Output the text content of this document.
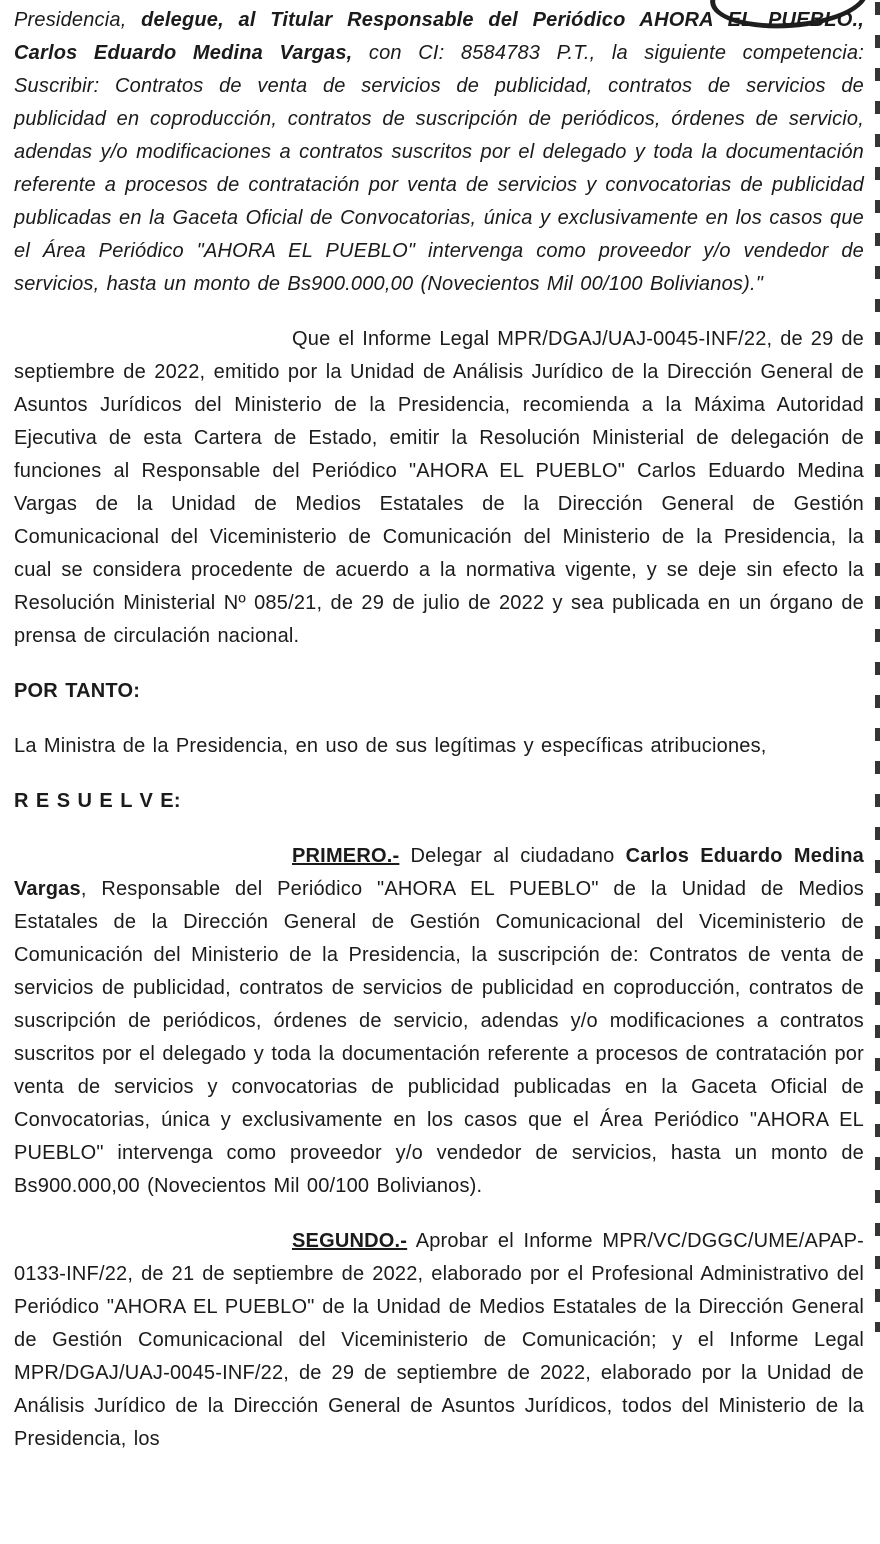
Presidencia, delegue, al Titular Responsable del Periódico AHORA EL PUEBLO., Carlos Eduardo Medina Vargas, con CI: 8584783 P.T., la siguiente competencia: Suscribir: Contratos de venta de servicios de publicidad, contratos de servicios de publicidad en coproducción, contratos de suscripción de periódicos, órdenes de servicio, adendas y/o modificaciones a contratos suscritos por el delegado y toda la documentación referente a procesos de contratación por venta de servicios y convocatorias de publicidad publicadas en la Gaceta Oficial de Convocatorias, única y exclusivamente en los casos que el Área Periódico "AHORA EL PUEBLO" intervenga como proveedor y/o vendedor de servicios, hasta un monto de Bs900.000,00 (Novecientos Mil 00/100 Bolivianos)."

Que el Informe Legal MPR/DGAJ/UAJ-0045-INF/22, de 29 de septiembre de 2022, emitido por la Unidad de Análisis Jurídico de la Dirección General de Asuntos Jurídicos del Ministerio de la Presidencia, recomienda a la Máxima Autoridad Ejecutiva de esta Cartera de Estado, emitir la Resolución Ministerial de delegación de funciones al Responsable del Periódico "AHORA EL PUEBLO" Carlos Eduardo Medina Vargas de la Unidad de Medios Estatales de la Dirección General de Gestión Comunicacional del Viceministerio de Comunicación del Ministerio de la Presidencia, la cual se considera procedente de acuerdo a la normativa vigente, y se deje sin efecto la Resolución Ministerial Nº 085/21, de 29 de julio de 2022 y sea publicada en un órgano de prensa de circulación nacional.

POR TANTO:

La Ministra de la Presidencia, en uso de sus legítimas y específicas atribuciones,

R E S U E L V E:

PRIMERO.- Delegar al ciudadano Carlos Eduardo Medina Vargas, Responsable del Periódico "AHORA EL PUEBLO" de la Unidad de Medios Estatales de la Dirección General de Gestión Comunicacional del Viceministerio de Comunicación del Ministerio de la Presidencia, la suscripción de: Contratos de venta de servicios de publicidad, contratos de servicios de publicidad en coproducción, contratos de suscripción de periódicos, órdenes de servicio, adendas y/o modificaciones a contratos suscritos por el delegado y toda la documentación referente a procesos de contratación por venta de servicios y convocatorias de publicidad publicadas en la Gaceta Oficial de Convocatorias, única y exclusivamente en los casos que el Área Periódico "AHORA EL PUEBLO" intervenga como proveedor y/o vendedor de servicios, hasta un monto de Bs900.000,00 (Novecientos Mil 00/100 Bolivianos).

SEGUNDO.- Aprobar el Informe MPR/VC/DGGC/UME/APAP-0133-INF/22, de 21 de septiembre de 2022, elaborado por el Profesional Administrativo del Periódico "AHORA EL PUEBLO" de la Unidad de Medios Estatales de la Dirección General de Gestión Comunicacional del Viceministerio de Comunicación; y el Informe Legal MPR/DGAJ/UAJ-0045-INF/22, de 29 de septiembre de 2022, elaborado por la Unidad de Análisis Jurídico de la Dirección General de Asuntos Jurídicos, todos del Ministerio de la Presidencia, los
